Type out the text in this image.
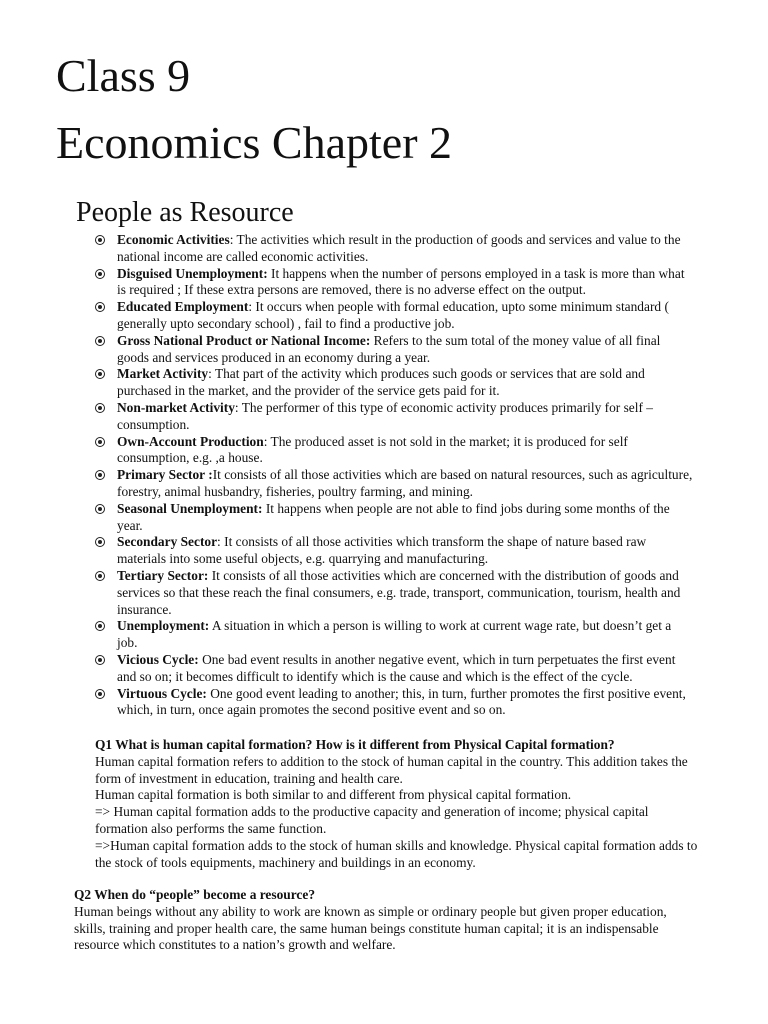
Class 9
Economics Chapter 2
People as Resource
Economic Activities: The activities which result in the production of goods and services and value to the national income are called economic activities.
Disguised Unemployment: It happens when the number of persons employed in a task is more than what is required ; If these extra persons are removed, there is no adverse effect on the output.
Educated Employment: It occurs when people with formal education, upto some minimum standard ( generally upto secondary school) , fail to find a productive job.
Gross National Product or National Income: Refers to the sum total of the money value of all final goods and services produced in an economy during a year.
Market Activity: That part of the activity which produces such goods or services that are sold and purchased in the market, and the provider of the service gets paid for it.
Non-market Activity: The performer of this type of economic activity produces primarily for self – consumption.
Own-Account Production: The produced asset is not sold in the market; it is produced for self consumption, e.g. ,a house.
Primary Sector :It consists of all those activities which are based on natural resources, such as agriculture, forestry, animal husbandry, fisheries, poultry farming, and mining.
Seasonal Unemployment: It happens when people are not able to find jobs during some months of the year.
Secondary Sector: It consists of all those activities which transform the shape of nature based raw materials into some useful objects, e.g. quarrying and manufacturing.
Tertiary Sector: It consists of all those activities which are concerned with the distribution of goods and services so that these reach the final consumers, e.g. trade, transport, communication, tourism, health and insurance.
Unemployment: A situation in which a person is willing to work at current wage rate, but doesn’t get a job.
Vicious Cycle: One bad event results in another negative event, which in turn perpetuates the first event and so on; it becomes difficult to identify which is the cause and which is the effect of the cycle.
Virtuous Cycle: One good event leading to another; this, in turn, further promotes the first positive event, which, in turn, once again promotes the second positive event and so on.

Q1 What is human capital formation? How is it different from Physical Capital formation?

Human capital formation refers to addition to the stock of human capital in the country. This addition takes the form of investment in education, training and health care.

Human capital formation is both similar to and different from physical capital formation.

=> Human capital formation adds to the productive capacity and generation of income; physical capital formation also performs the same function.

=>Human capital formation adds to the stock of human skills and knowledge. Physical capital formation adds to the stock of tools equipments, machinery and buildings in an economy.

Q2 When do “people” become a resource?

Human beings without any ability to work are known as simple or ordinary people but given proper education, skills, training and proper health care, the same human beings constitute human capital; it is an indispensable resource which constitutes to a nation’s growth and welfare.
